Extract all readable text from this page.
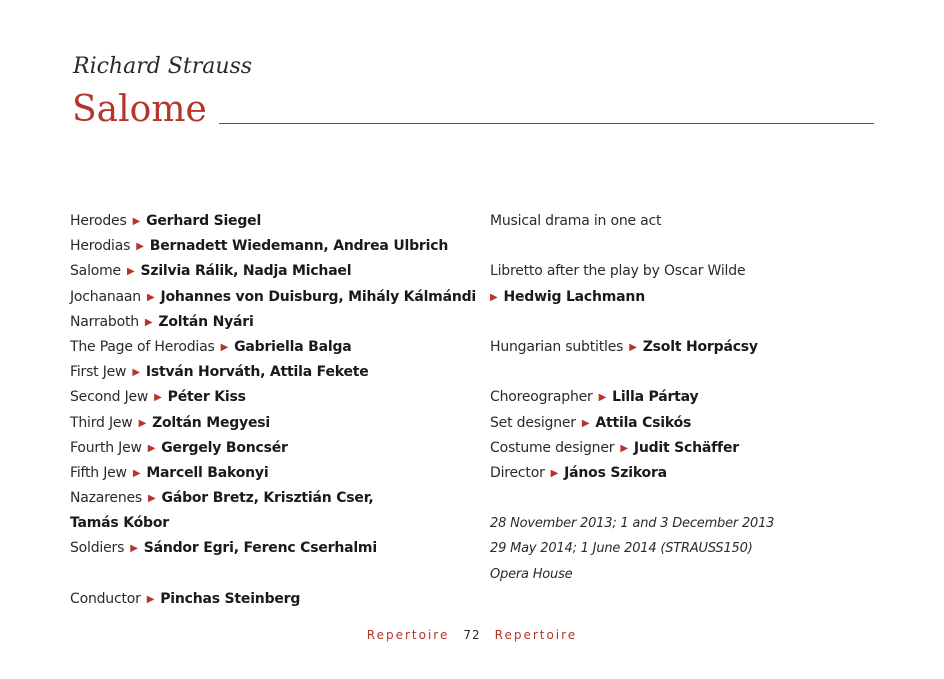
Richard Strauss
Salome
Herodes ▶ Gerhard Siegel
Herodias ▶ Bernadett Wiedemann, Andrea Ulbrich
Salome ▶ Szilvia Rálik, Nadja Michael
Jochanaan ▶ Johannes von Duisburg, Mihály Kálmándi
Narraboth ▶ Zoltán Nyári
The Page of Herodias ▶ Gabriella Balga
First Jew ▶ István Horváth, Attila Fekete
Second Jew ▶ Péter Kiss
Third Jew ▶ Zoltán Megyesi
Fourth Jew ▶ Gergely Boncsér
Fifth Jew ▶ Marcell Bakonyi
Nazarenes ▶ Gábor Bretz, Krisztián Cser,
Tamás Kóbor
Soldiers ▶ Sándor Egri, Ferenc Cserhalmi
Conductor ▶ Pinchas Steinberg
Musical drama in one act
Libretto after the play by Oscar Wilde
▶ Hedwig Lachmann
Hungarian subtitles ▶ Zsolt Horpácsy
Choreographer ▶ Lilla Pártay
Set designer ▶ Attila Csikós
Costume designer ▶ Judit Schäffer
Director ▶ János Szikora
28 November 2013; 1 and 3 December 2013
29 May 2014; 1 June 2014 (STRAUSS150)
Opera House
Repertoire 72 Repertoire
